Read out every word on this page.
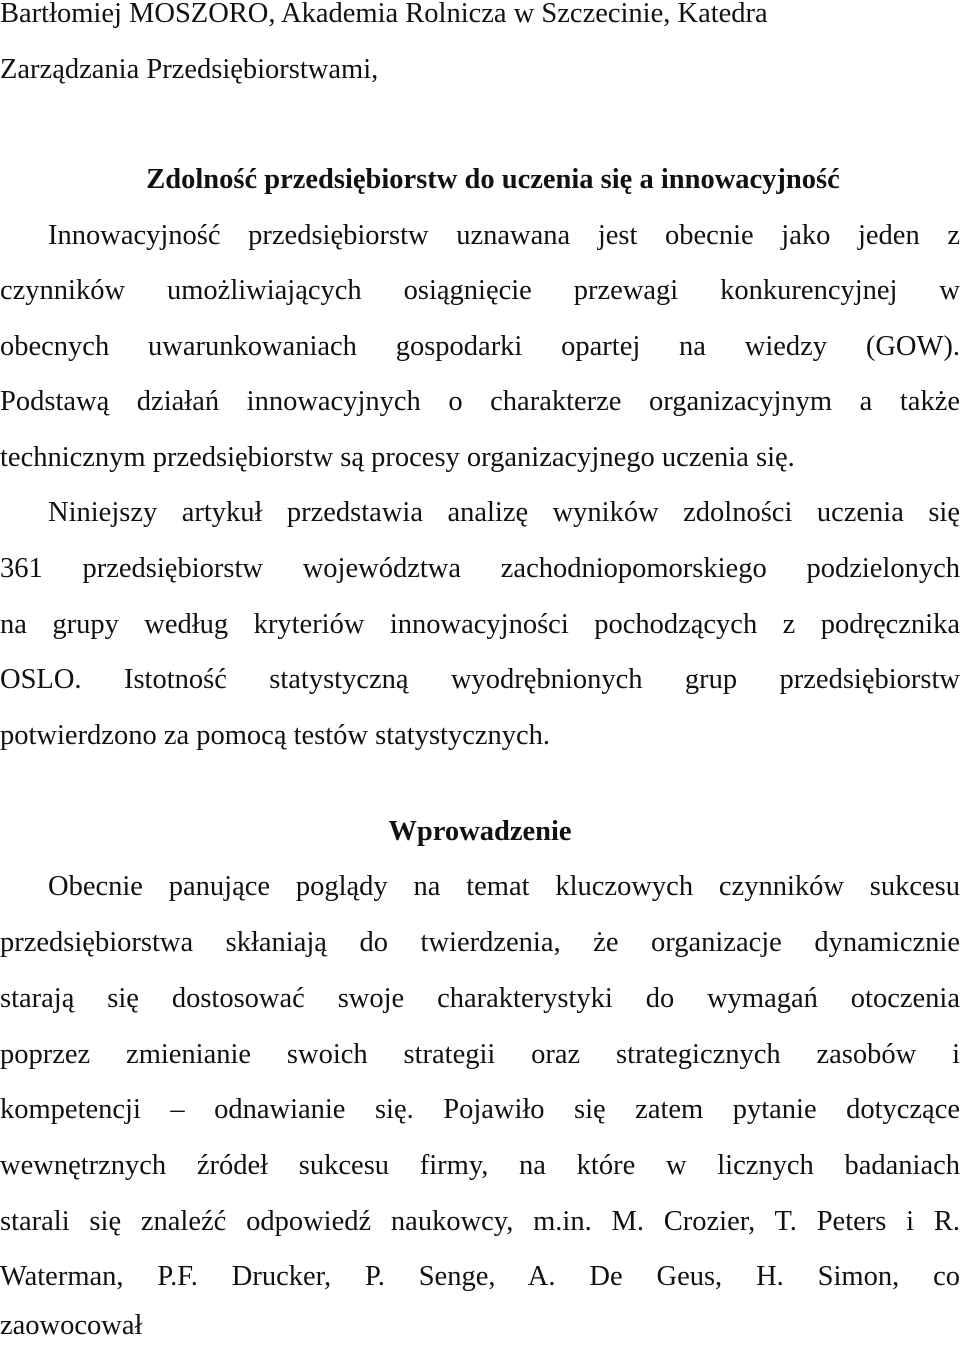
Bartłomiej MOSZORO, Akademia Rolnicza w Szczecinie, Katedra

Zarządzania Przedsiębiorstwami,

Zdolność przedsiębiorstw do uczenia się a innowacyjność

Innowacyjność przedsiębiorstw uznawana jest obecnie jako jeden z

czynników umożliwiających osiągnięcie przewagi konkurencyjnej w

obecnych uwarunkowaniach gospodarki opartej na wiedzy (GOW).

Podstawą działań innowacyjnych o charakterze organizacyjnym a także

technicznym przedsiębiorstw są procesy organizacyjnego uczenia się.

Niniejszy artykuł przedstawia analizę wyników zdolności uczenia się

361 przedsiębiorstw województwa zachodniopomorskiego podzielonych

na grupy według kryteriów innowacyjności pochodzących z podręcznika

OSLO. Istotność statystyczną wyodrębnionych grup przedsiębiorstw

potwierdzono za pomocą testów statystycznych.

Wprowadzenie

Obecnie panujące poglądy na temat kluczowych czynników sukcesu

przedsiębiorstwa skłaniają do twierdzenia, że organizacje dynamicznie

starają się dostosować swoje charakterystyki do wymagań otoczenia

poprzez zmienianie swoich strategii oraz strategicznych zasobów i

kompetencji – odnawianie się. Pojawiło się zatem pytanie dotyczące

wewnętrznych źródeł sukcesu firmy, na które w licznych badaniach

starali się znaleźć odpowiedź naukowcy, m.in. M. Crozier, T. Peters i R.

Waterman, P.F. Drucker, P. Senge, A. De Geus, H. Simon, co

zaowocował
